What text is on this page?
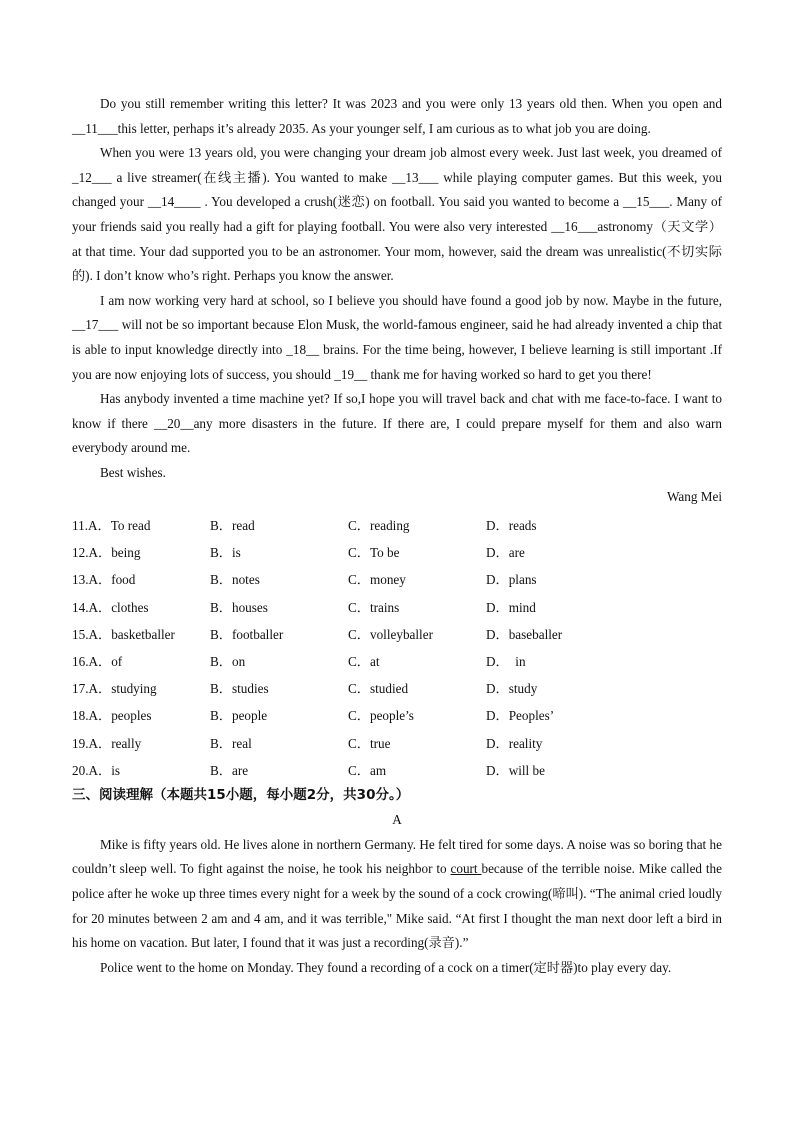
Do you still remember writing this letter? It was 2023 and you were only 13 years old then. When you open and __11___this letter, perhaps it’s already 2035. As your younger self, I am curious as to what job you are doing.

When you were 13 years old, you were changing your dream job almost every week. Just last week, you dreamed of _12___ a live streamer(在线主播). You wanted to make __13___ while playing computer games. But this week, you changed your __14____ . You developed a crush(迷恋) on football. You said you wanted to become a __15___. Many of your friends said you really had a gift for playing football. You were also very interested __16___astronomy（天文学） at that time. Your dad supported you to be an astronomer. Your mom, however, said the dream was unrealistic(不切实际的). I don’t know who’s right. Perhaps you know the answer.

I am now working very hard at school, so I believe you should have found a good job by now. Maybe in the future, __17___ will not be so important because Elon Musk, the world-famous engineer, said he had already invented a chip that is able to input knowledge directly into _18__ brains. For the time being, however, I believe learning is still important .If you are now enjoying lots of success, you should _19__ thank me for having worked so hard to get you there!

Has anybody invented a time machine yet? If so,I hope you will travel back and chat with me face-to-face. I want to know if there __20__any more disasters in the future. If there are, I could prepare myself for them and also warn everybody around me.

Best wishes.

Wang Mei

11.A．To read	B．read	C．reading	D．reads
12.A．being	B．is	C．To be	D．are
13.A．food	B．notes	C．money	D．plans
14.A．clothes	B．houses	C．trains	D．mind
15.A．basketballer	B．footballer	C．volleyballer	D．baseballer
16.A．of	B．on	C．at	D．  in
17.A．studying	B．studies	C．studied	D．study
18.A．peoples	B．people	C．people’s	D．Peoples’
19.A．really	B．real	C．true	D．reality
20.A．is	B．are	C．am	D．will be
三、阅读理解（本题共15小题，每小题2分，共30分。）

A

Mike is fifty years old. He lives alone in northern Germany. He felt tired for some days. A noise was so boring that he couldn’t sleep well. To fight against the noise, he took his neighbor to court because of the terrible noise. Mike called the police after he woke up three times every night for a week by the sound of a cock crowing(啼叫). “The animal cried loudly for 20 minutes between 2 am and 4 am, and it was terrible," Mike said. “At first I thought the man next door left a bird in his home on vacation. But later, I found that it was just a recording(录音).”

Police went to the home on Monday. They found a recording of a cock on a timer(定时器)to play every day.
